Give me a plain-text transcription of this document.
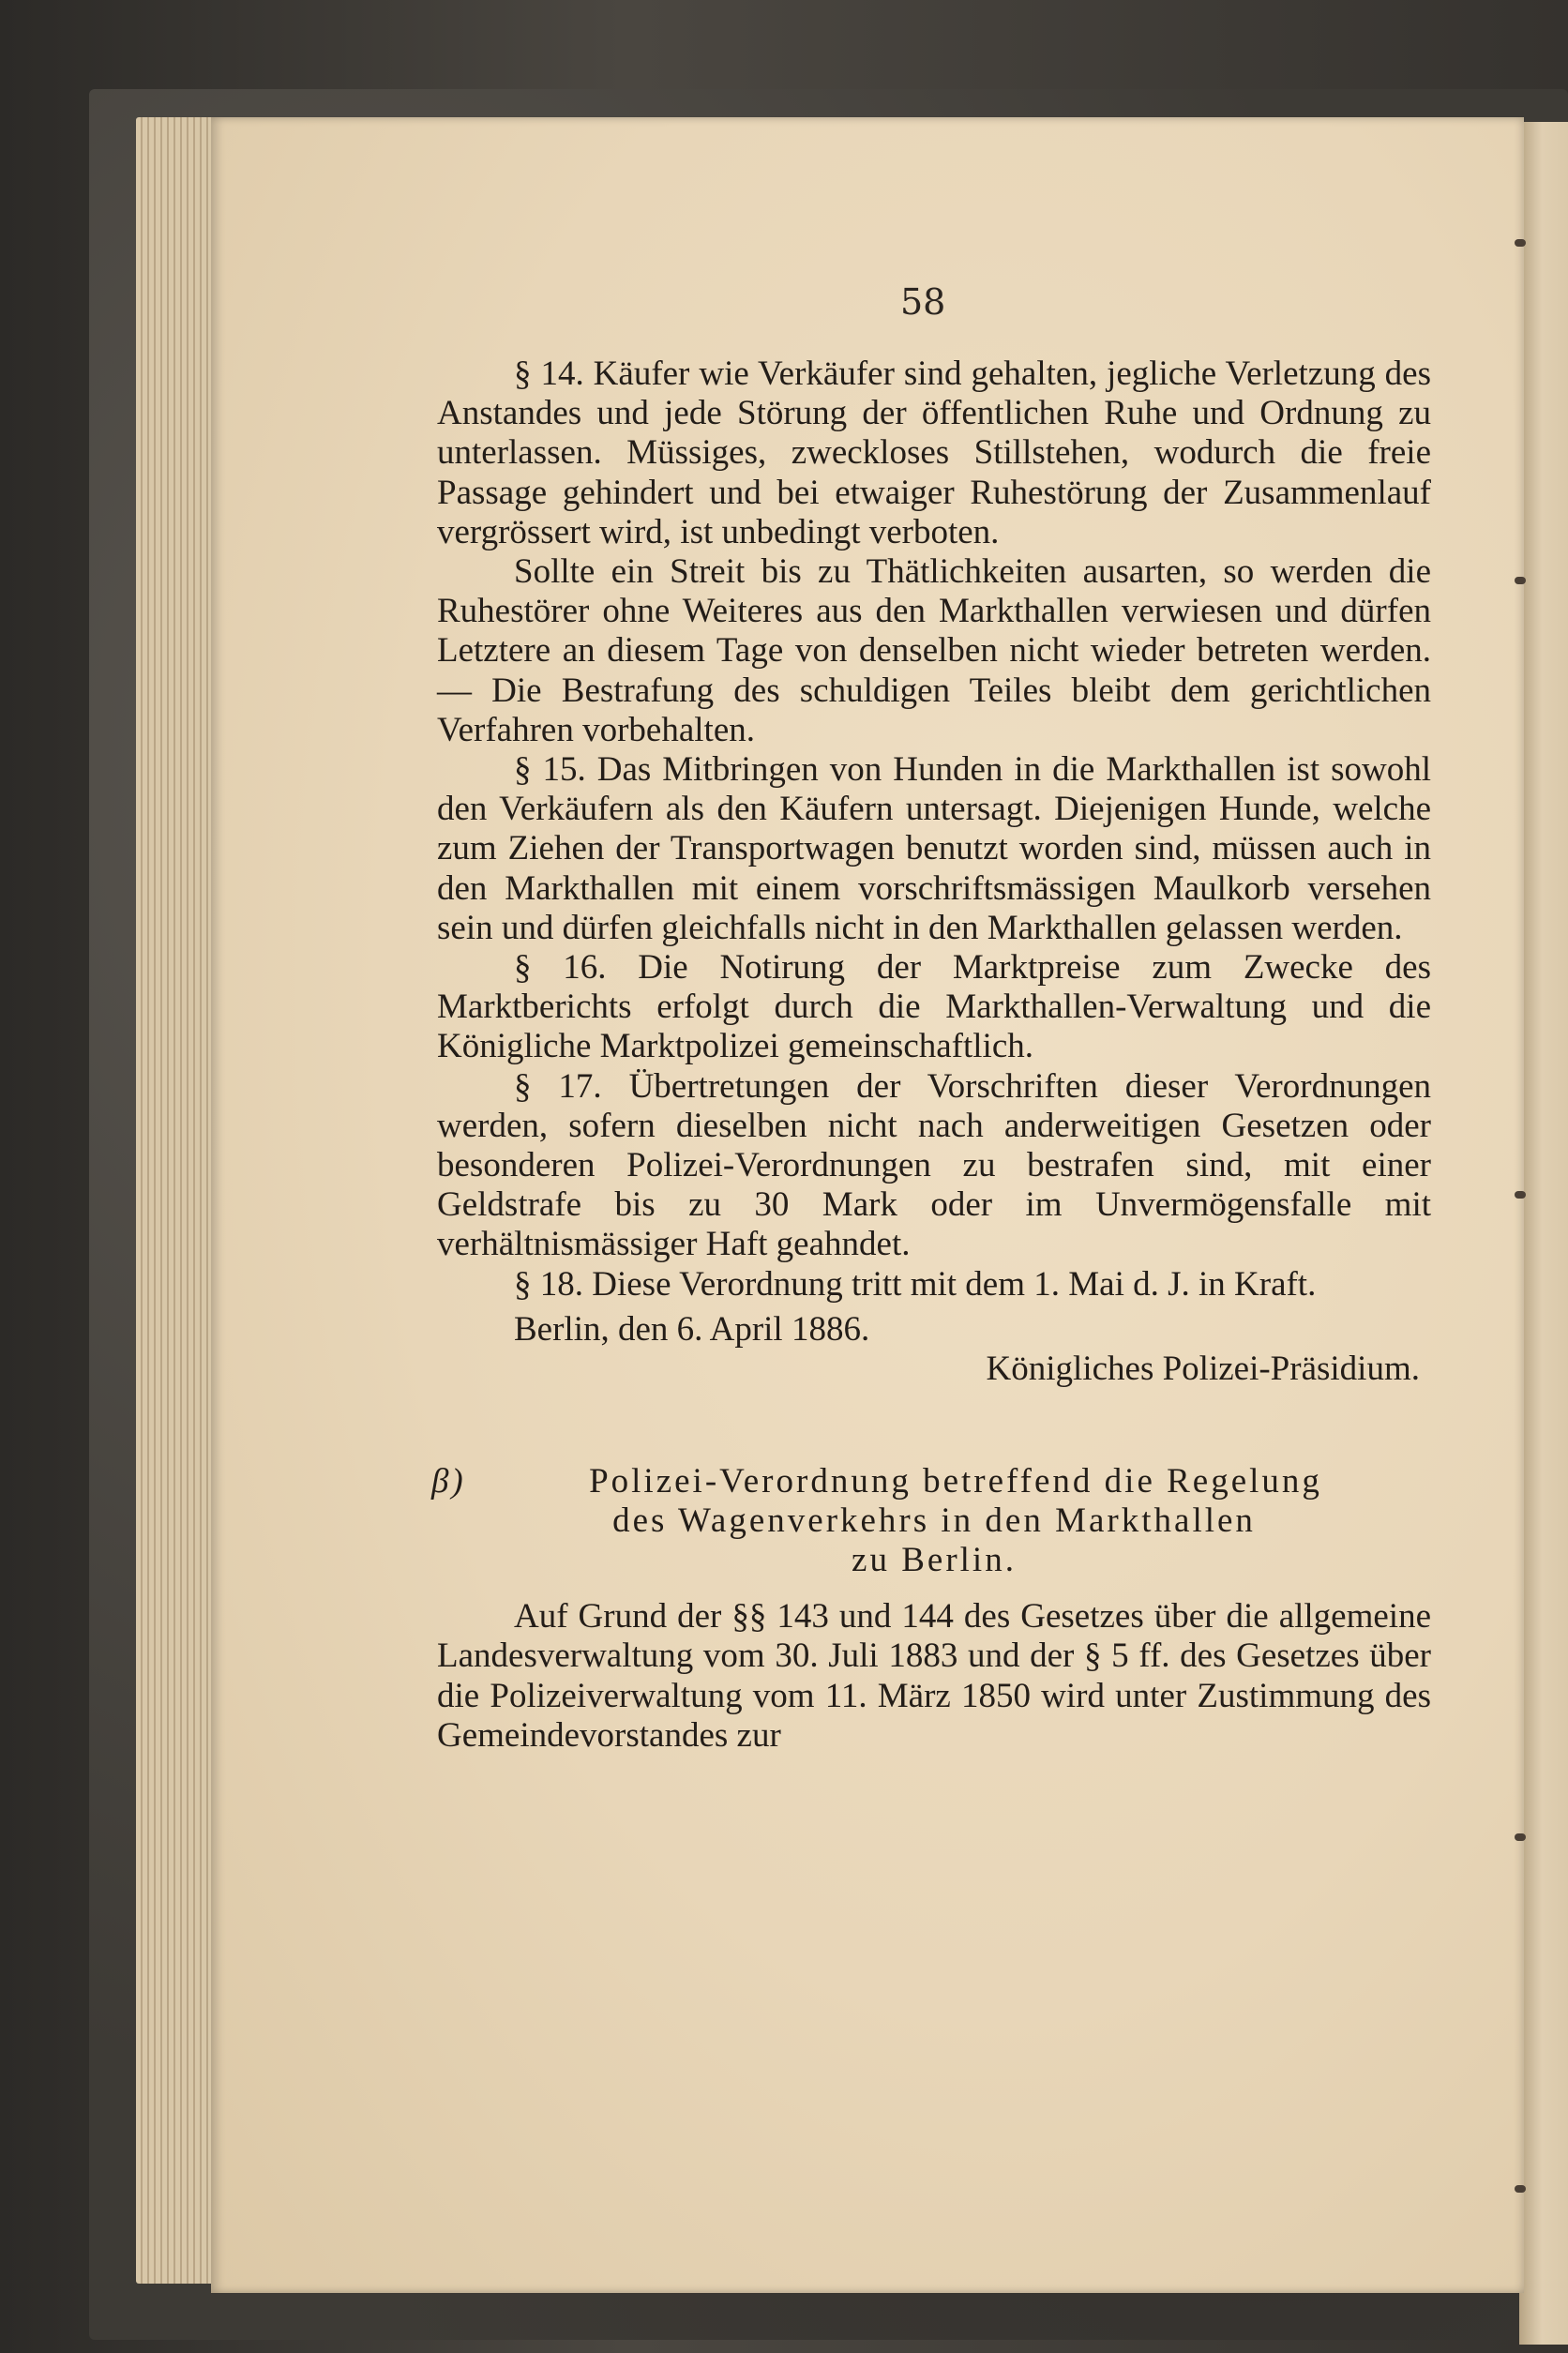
58

§ 14. Käufer wie Verkäufer sind gehalten, jegliche Verletzung des Anstandes und jede Störung der öffentlichen Ruhe und Ordnung zu unterlassen. Müssiges, zweckloses Stillstehen, wodurch die freie Passage gehindert und bei etwaiger Ruhestörung der Zusammenlauf vergrössert wird, ist unbedingt verboten.

Sollte ein Streit bis zu Thätlichkeiten ausarten, so werden die Ruhestörer ohne Weiteres aus den Markthallen verwiesen und dürfen Letztere an diesem Tage von denselben nicht wieder betreten werden. — Die Bestrafung des schuldigen Teiles bleibt dem gerichtlichen Verfahren vorbehalten.

§ 15. Das Mitbringen von Hunden in die Markthallen ist sowohl den Verkäufern als den Käufern untersagt. Diejenigen Hunde, welche zum Ziehen der Transportwagen benutzt worden sind, müssen auch in den Markthallen mit einem vorschriftsmässigen Maulkorb versehen sein und dürfen gleichfalls nicht in den Markthallen gelassen werden.

§ 16. Die Notirung der Marktpreise zum Zwecke des Marktberichts erfolgt durch die Markthallen-Verwaltung und die Königliche Marktpolizei gemeinschaftlich.

§ 17. Übertretungen der Vorschriften dieser Verordnungen werden, sofern dieselben nicht nach anderweitigen Gesetzen oder besonderen Polizei-Verordnungen zu bestrafen sind, mit einer Geldstrafe bis zu 30 Mark oder im Unvermögensfalle mit verhältnismässiger Haft geahndet.

§ 18. Diese Verordnung tritt mit dem 1. Mai d. J. in Kraft.

Berlin, den 6. April 1886.

Königliches Polizei-Präsidium.

β)	Polizei-Verordnung betreffend die Regelung
des Wagenverkehrs in den Markthallen
zu Berlin.

Auf Grund der §§ 143 und 144 des Gesetzes über die allgemeine Landesverwaltung vom 30. Juli 1883 und der § 5 ff. des Gesetzes über die Polizeiverwaltung vom 11. März 1850 wird unter Zustimmung des Gemeindevorstandes zur
